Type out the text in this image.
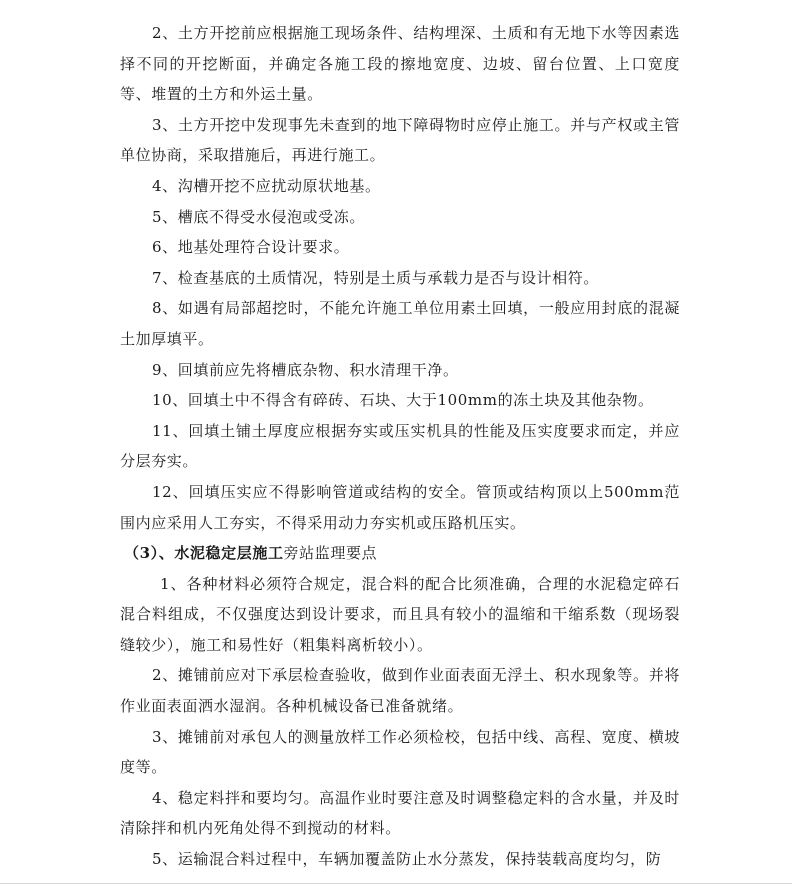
2、土方开挖前应根据施工现场条件、结构埋深、土质和有无地下水等因素选择不同的开挖断面，并确定各施工段的擦地宽度、边坡、留台位置、上口宽度等、堆置的土方和外运土量。

3、土方开挖中发现事先未查到的地下障碍物时应停止施工。并与产权或主管单位协商，采取措施后，再进行施工。

4、沟槽开挖不应扰动原状地基。

5、槽底不得受水侵泡或受冻。

6、地基处理符合设计要求。

7、检查基底的土质情况，特别是土质与承载力是否与设计相符。

8、如遇有局部超挖时，不能允许施工单位用素土回填，一般应用封底的混凝土加厚填平。

9、回填前应先将槽底杂物、积水清理干净。

10、回填土中不得含有碎砖、石块、大于100mm的冻土块及其他杂物。

11、回填土铺土厚度应根据夯实或压实机具的性能及压实度要求而定，并应分层夯实。

12、回填压实应不得影响管道或结构的安全。管顶或结构顶以上500mm范围内应采用人工夯实，不得采用动力夯实机或压路机压实。

（3）、水泥稳定层施工旁站监理要点

1、各种材料必须符合规定，混合料的配合比须准确，合理的水泥稳定碎石混合料组成，不仅强度达到设计要求，而且具有较小的温缩和干缩系数（现场裂缝较少），施工和易性好（粗集料离析较小）。

2、摊铺前应对下承层检查验收，做到作业面表面无浮土、积水现象等。并将作业面表面洒水湿润。各种机械设备已准备就绪。

3、摊铺前对承包人的测量放样工作必须检校，包括中线、高程、宽度、横坡度等。

4、稳定料拌和要均匀。高温作业时要注意及时调整稳定料的含水量，并及时清除拌和机内死角处得不到搅动的材料。

5、运输混合料过程中，车辆加覆盖防止水分蒸发，保持装载高度均匀，防
